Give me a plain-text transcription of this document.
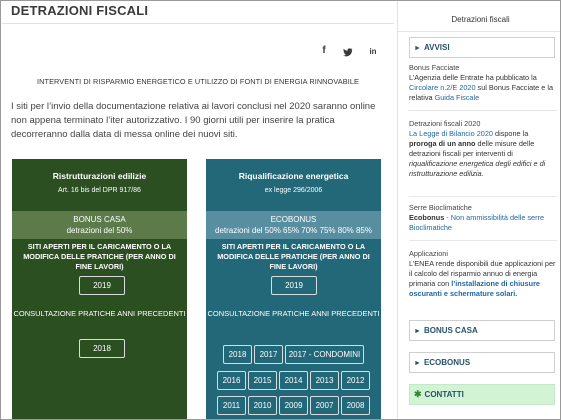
DETRAZIONI FISCALI
f	in
INTERVENTI DI RISPARMIO ENERGETICO E UTILIZZO DI FONTI DI ENERGIA RINNOVABILE
I siti per l’invio della documentazione relativa ai lavori conclusi nel 2020 saranno online non appena terminato l’iter autorizzativo. I 90 giorni utili per inserire la pratica decorreranno dalla data di messa online dei nuovi siti.
Ristrutturazioni edilizie
Art. 16 bis del DPR 917/86
BONUS CASA
detrazioni del 50%
SITI APERTI PER IL CARICAMENTO O LA MODIFICA DELLE PRATICHE (PER ANNO DI FINE LAVORI)
2019
CONSULTAZIONE PRATICHE ANNI PRECEDENTI
2018
Riqualificazione energetica
ex legge 296/2006
ECOBONUS
detrazioni del 50% 65% 70% 75% 80% 85%
SITI APERTI PER IL CARICAMENTO O LA MODIFICA DELLE PRATICHE (PER ANNO DI FINE LAVORI)
2019
CONSULTAZIONE PRATICHE ANNI PRECEDENTI
2018	2017	2017 - CONDOMINI
2016	2015	2014	2013	2012
2011	2010	2009	2007	2008
Detrazioni fiscali
► AVVISI
Bonus Facciate
L’Agenzia delle Entrate ha pubblicato la Circolare n.2/E 2020 sul Bonus Facciate e la relativa Guida Fiscale
Detrazioni fiscali 2020
La Legge di Bilancio 2020 dispone la proroga di un anno delle misure delle detrazioni fiscali per interventi di riqualificazione energetica degli edifici e di ristrutturazione edilizia.
Serre Bioclimatiche
Ecobonus - Non ammissibilità delle serre Bioclimatiche
Applicazioni
L’ENEA rende disponibili due applicazioni per il calcolo del risparmio annuo di energia primaria con l’installazione di chiusure oscuranti e schermature solari.
► BONUS CASA
► ECOBONUS
✱ CONTATTI
